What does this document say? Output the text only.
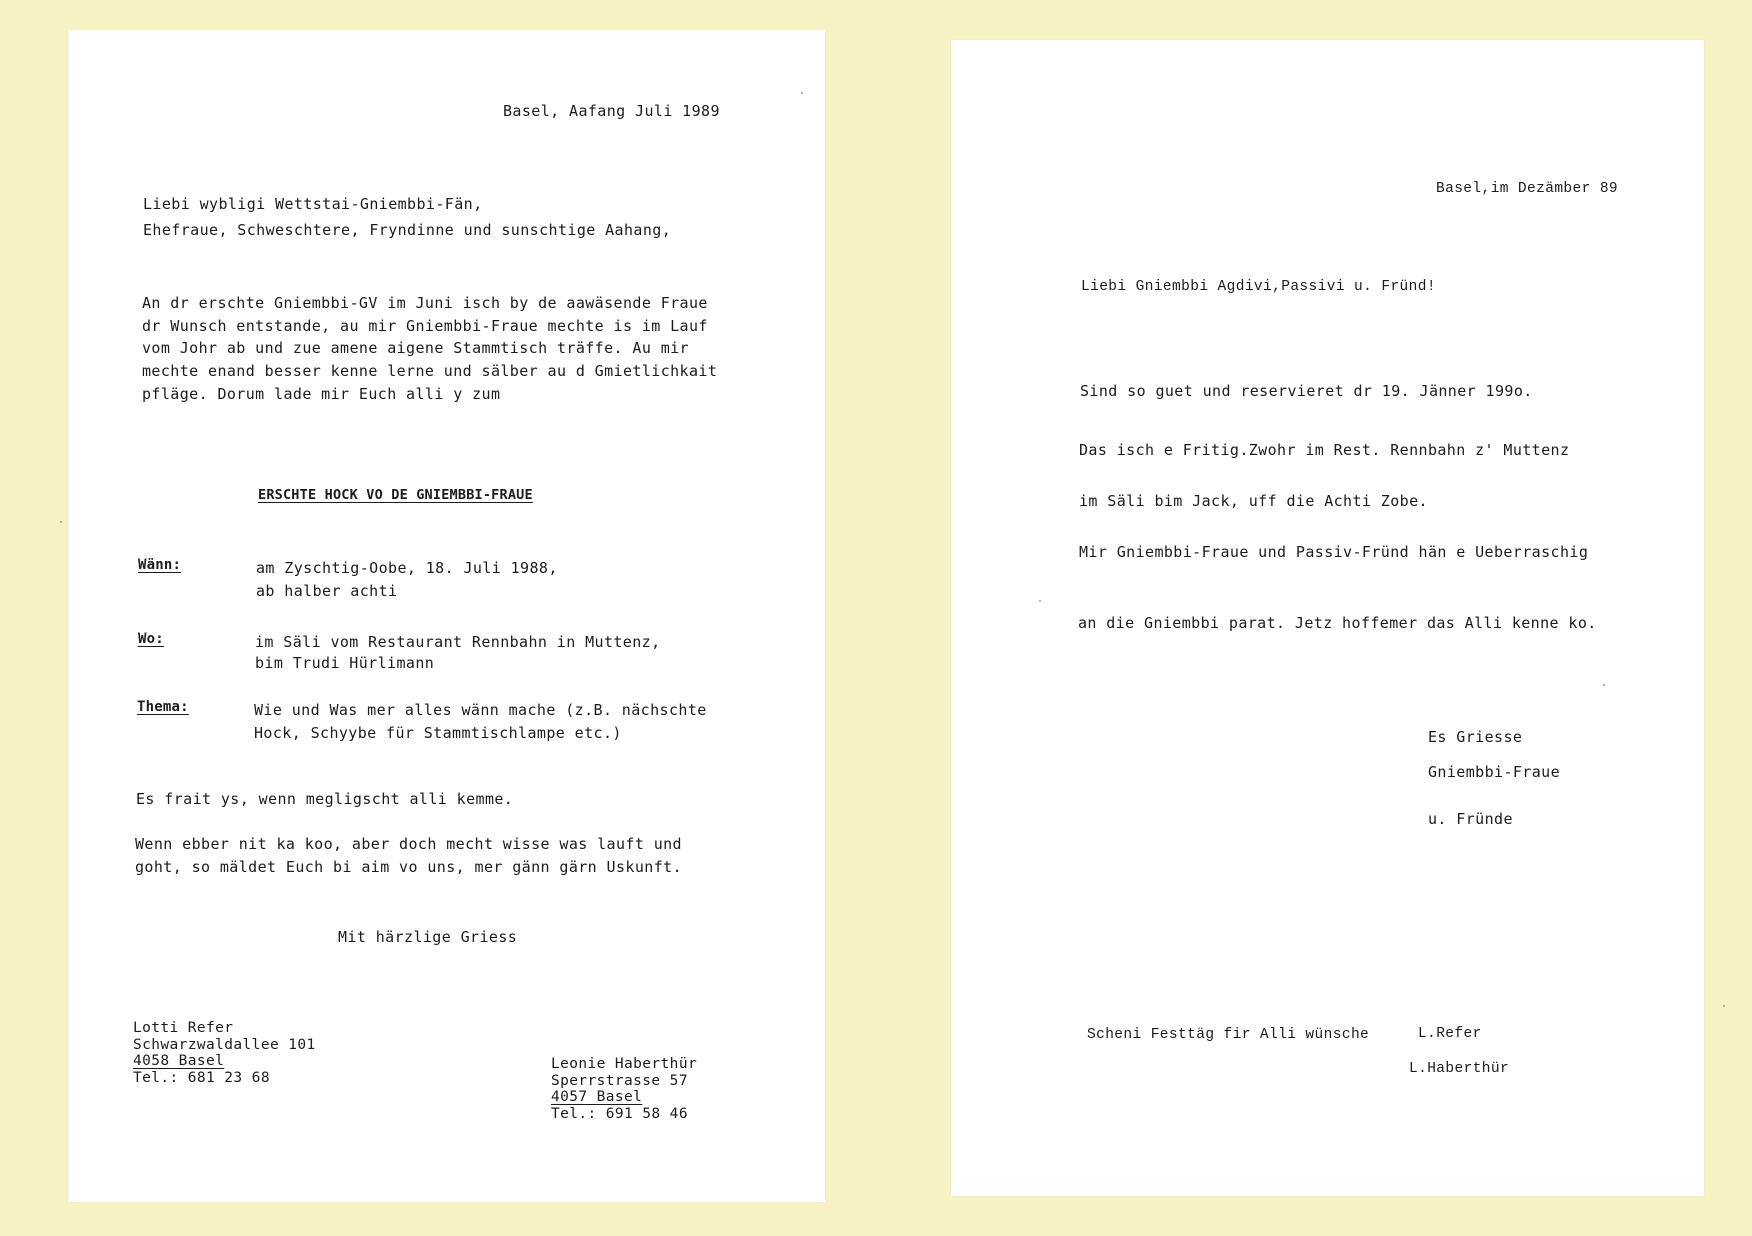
Basel, Aafang Juli 1989
Liebi wybligi Wettstai-Gniembbi-Fän,
Ehefraue, Schweschtere, Fryndinne und sunschtige Aahang,
An dr erschte Gniembbi-GV im Juni isch by de aawäsende Fraue
dr Wunsch entstande, au mir Gniembbi-Fraue mechte is im Lauf
vom Johr ab und zue amene aigene Stammtisch träffe. Au mir
mechte enand besser kenne lerne und sälber au d Gmietlichkait
pfläge. Dorum lade mir Euch alli y zum
ERSCHTE HOCK VO DE GNIEMBBI-FRAUE
Wänn:	am Zyschtig-Oobe, 18. Juli 1988,
ab halber achti
Wo:	im Säli vom Restaurant Rennbahn in Muttenz,
bim Trudi Hürlimann
Thema:	Wie und Was mer alles wänn mache (z.B. nächschte
Hock, Schyybe für Stammtischlampe etc.)
Es frait ys, wenn megligscht alli kemme.
Wenn ebber nit ka koo, aber doch mecht wisse was lauft und
goht, so mäldet Euch bi aim vo uns, mer gänn gärn Uskunft.
Mit härzlige Griess
Lotti Refer
Schwarzwaldallee 101
4058 Basel
Tel.: 681 23 68
Leonie Haberthür
Sperrstrasse 57
4057 Basel
Tel.: 691 58 46
Basel,im Dezämber 89
Liebi Gniembbi Agdivi,Passivi u. Fründ!
Sind so guet und reservieret dr 19. Jänner 199o.
Das isch e Fritig.Zwohr im Rest. Rennbahn z' Muttenz
im Säli bim Jack, uff die Achti Zobe.
Mir Gniembbi-Fraue und Passiv-Fründ hän e Ueberraschig
an die Gniembbi parat. Jetz hoffemer das Alli kenne ko.
Es Griesse
Gniembbi-Fraue
u. Fründe
Scheni Festtäg fir Alli wünsche	L.Refer
L.Haberthür
